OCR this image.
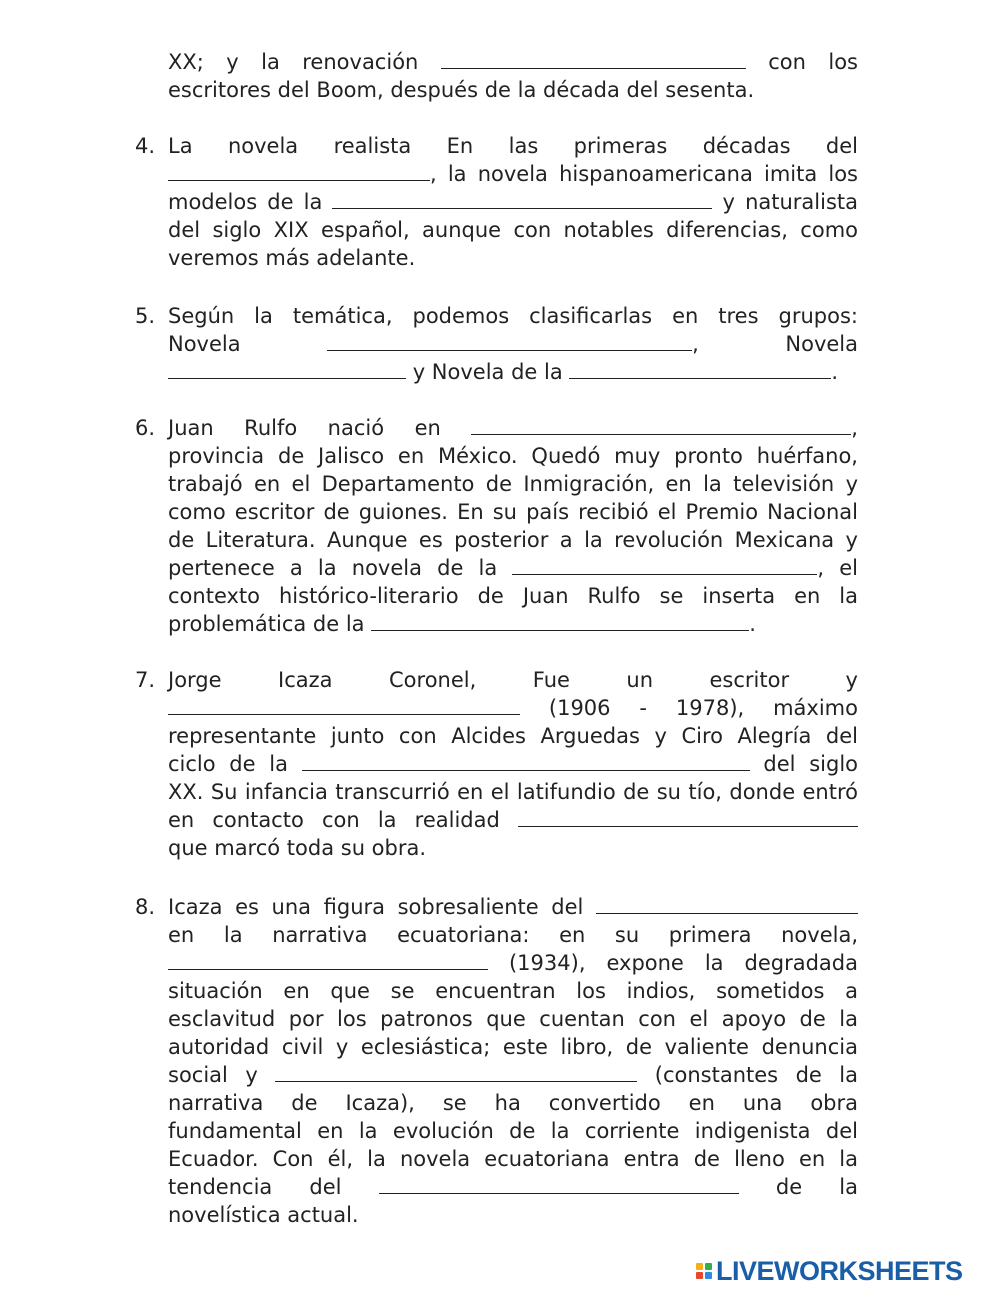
XX; y la renovación	con los
escritores del Boom, después de la década del sesenta.
4. La novela realista En las primeras décadas del
, la novela hispanoamericana imita los
modelos de la	y naturalista
del siglo XIX español, aunque con notables diferencias, como
veremos más adelante.
5. Según la temática, podemos clasificarlas en tres grupos:
Novela	,	Novela
y Novela de la	.
6. Juan Rulfo nació en	,
provincia de Jalisco en México. Quedó muy pronto huérfano,
trabajó en el Departamento de Inmigración, en la televisión y
como escritor de guiones. En su país recibió el Premio Nacional
de Literatura. Aunque es posterior a la revolución Mexicana y
pertenece a la novela de la	, el
contexto histórico-literario de Juan Rulfo se inserta en la
problemática de la	.
7. Jorge Icaza Coronel, Fue un escritor y
(1906 - 1978), máximo
representante junto con Alcides Arguedas y Ciro Alegría del
ciclo de la	del siglo
XX. Su infancia transcurrió en el latifundio de su tío, donde entró
en contacto con la realidad
que marcó toda su obra.
8. Icaza es una figura sobresaliente del
en la narrativa ecuatoriana: en su primera novela,
(1934), expone la degradada
situación en que se encuentran los indios, sometidos a
esclavitud por los patronos que cuentan con el apoyo de la
autoridad civil y eclesiástica; este libro, de valiente denuncia
social y	(constantes de la
narrativa de Icaza), se ha convertido en una obra
fundamental en la evolución de la corriente indigenista del
Ecuador. Con él, la novela ecuatoriana entra de lleno en la
tendencia del	de la
novelística actual.
LIVEWORKSHEETS
